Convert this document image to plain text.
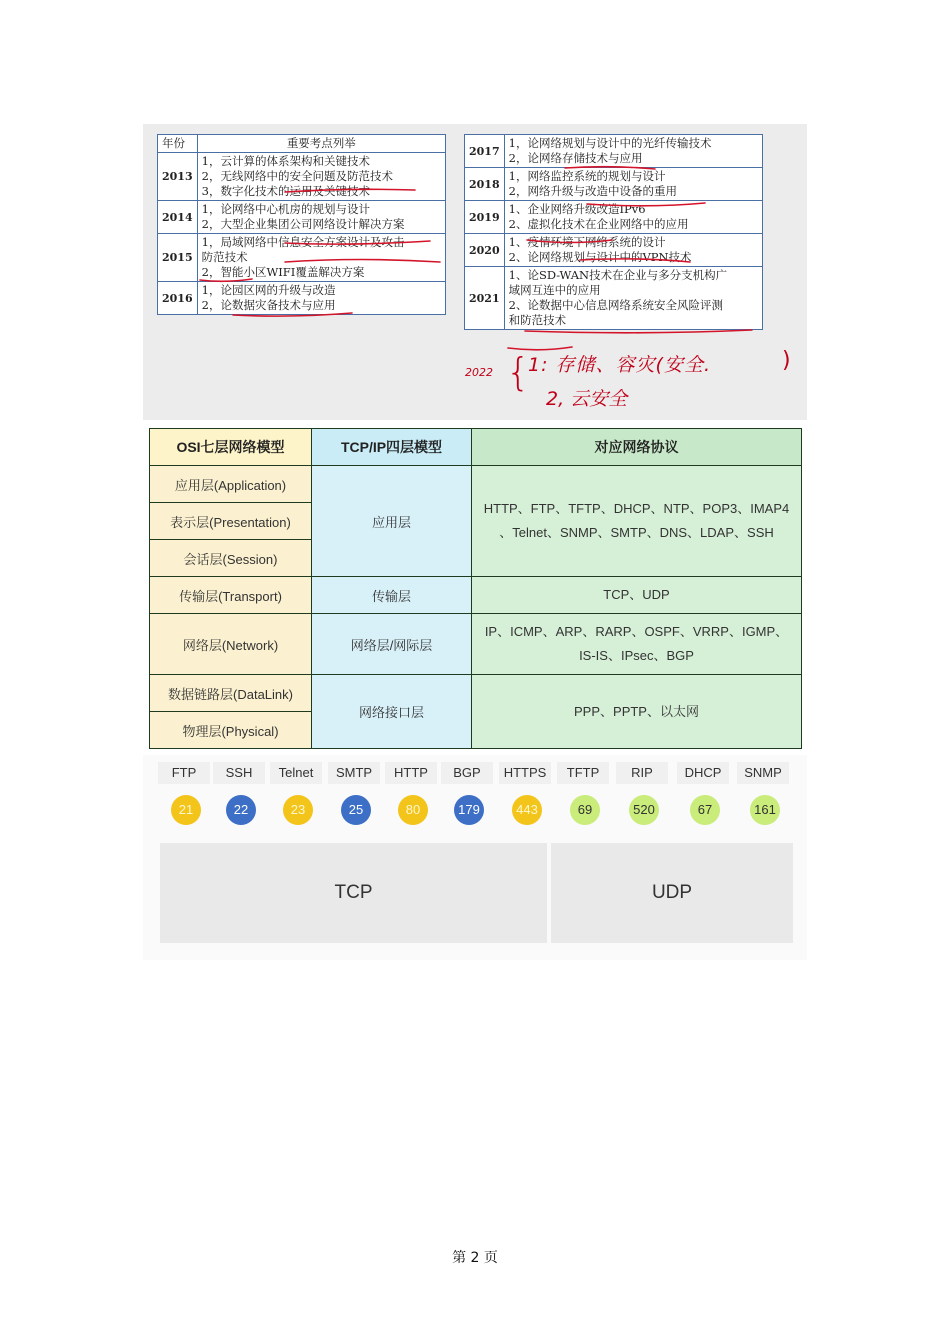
年份	重要考点列举
2013	1，云计算的体系架构和关键技术
2，无线网络中的安全问题及防范技术
3，数字化技术的运用及关键技术

2014	1，论网络中心机房的规划与设计
2，大型企业集团公司网络设计解决方案

2015	1，局域网络中信息安全方案设计及攻击
防范技术
2，智能小区WIFI覆盖解决方案

2016	1，论园区网的升级与改造
2，论数据灾备技术与应用
2017	1，论网络规划与设计中的光纤传输技术
2，论网络存储技术与应用

2018	1，网络监控系统的规划与设计
2，网络升级与改造中设备的重用

2019	1、企业网络升级改造IPv6
2、虚拟化技术在企业网络中的应用

2020	1、疫情环境下网络系统的设计
2、论网络规划与设计中的VPN技术

2021	1、论SD-WAN技术在企业与多分支机构广
域网互连中的应用
2、论数据中心信息网络系统安全风险评测
和防范技术
2022 {
1: 存储、容灾(安全.	)
2, 云安全
OSI七层网络模型	TCP/IP四层模型	对应网络协议
应用层(Application)	应用层	HTTP、FTP、TFTP、DHCP、NTP、POP3、IMAP4
、Telnet、SNMP、SMTP、DNS、LDAP、SSH

表示层(Presentation)		
会话层(Session)		
传输层(Transport)	传输层	TCP、UDP

网络层(Network)	网络层/网际层	IP、ICMP、ARP、RARP、OSPF、VRRP、IGMP、
IS-IS、IPsec、BGP

数据链路层(DataLink)	网络接口层	PPP、PPTP、以太网

物理层(Physical)		
FTP
21
SSH
22
Telnet
23
SMTP
25
HTTP
80
BGP
179
HTTPS
443
TFTP
69
RIP
520
DHCP
67
SNMP
161
TCP	UDP
第 2 页
